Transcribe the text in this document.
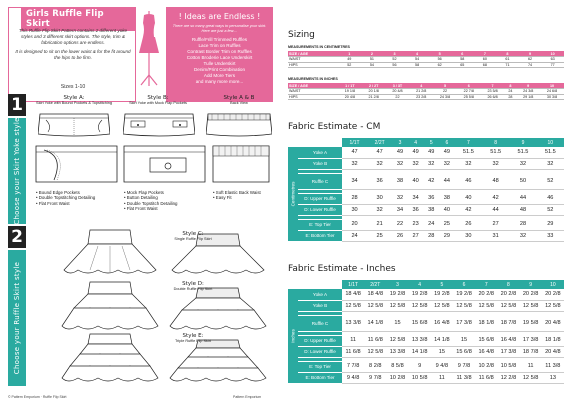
Girls Ruffle Flip Skirt

This Ruffle Flip Skirt Pattern contains 2 different yoke styles and 3 different skirt options. The style, trim & fabrication options are endless.

It is designed to sit on the lower waist & for the fit around the hips to be firm.

Sizes 1-10
! Ideas are Endless !
There are so many great ways to personalise your skirt. Here are just a few....
Ruffle/Frill Trimmed Ruffles
Lace Trim on Ruffles
Contrast Border Trim on Ruffles
Cotton Broderie Lace Underskirt
Tulle Underskirt
Denim/Print Combination
Add More Tiers
and many more more...
1
Choose your Skirt Yoke style
Style A:
Skirt Yoke with Bound Pockets & Topstitching
Style B:
Skirt Yoke with Mock Flap Pockets
Style A & B
Back View
• Bound Edge Pockets
• Double Topstitching Detailing
• Flat Front Waist
• Mock Flap Pockets
• Button Detailing
• Double Topstitch Detailing
• Flat Front Waist
• Soft Elastic Back Waist
• Easy Fit
2
Choose your Ruffle Skirt style
Style C:
Single Ruffle Flip Skirt
Style D:
Double Ruffle Flip Skirt
Style E:
Triple Ruffle Flip Skirt
© Pattern Emporium · Ruffle Flip Skirt	Pattern Emporium
Sizing
MEASUREMENTS IN CENTIMETRES
SIZE / AGE	1	2	3	4	5	6	7	8	9	10
WAIST	49	51	52	54	56	58	60	61	62	63
HIPS	52	54	56	58	62	65	68	71	74	77
MEASUREMENTS IN INCHES
SIZE / AGE	1 / 1T	2 / 2T	3 / 3T	4	5	6	7	8	9	10
WAIST	19 1/8	20 1/8	20 4/8	21 2/8	22	22 7/8	23 5/8	24	24 3/8	24 6/8
HIPS	20 4/8	21 2/8	22	23 2/8	24 3/8	25 5/8	26 6/8	28	29 1/8	30 3/8
Fabric Estimate - CM
		1/1T	2/2T	3	4	5	6	7	8	9	10

Centimetres	Yoke A	47	47	49	49	49	49	51.5	51.5	51.5	51.5
	Yoke B	32	32	32	32	32	32	32	32	32	32

	Ruffle C	34	36	38	40	42	44	46	48	50	52

	D: Upper Ruffle	28	30	32	34	36	38	40	42	44	46
	D: Lower Ruffle	30	32	34	36	38	40	42	44	48	52

	E: Top Tier	20	21	22	23	24	25	26	27	28	29
	E: Bottom Tier	24	25	26	27	28	29	30	31	32	33
Fabric Estimate - Inches
		1/1T	2/2T	3	4	5	6	7	8	9	10

Inches	Yoke A	18 4/8	18 4/8	19 2/8	19 2/8	19 2/8	19 2/8	20 2/8	20 2/8	20 2/8	20 2/8
	Yoke B	12 5/8	12 5/8	12 5/8	12 5/8	12 5/8	12 5/8	12 5/8	12 5/8	12 5/8	12 5/8

	Ruffle C	13 3/8	14 1/8	15	15 6/8	16 4/8	17 3/8	18 1/8	18 7/8	19 5/8	20 4/8

	D: Upper Ruffle	11	11 6/8	12 5/8	13 3/8	14 1/8	15	15 6/8	16 4/8	17 3/8	18 1/8
	D: Lower Ruffle	11 6/8	12 5/8	13 3/8	14 1/8	15	15 6/8	16 4/8	17 3/8	18 7/8	20 4/8

	E: Top Tier	7 7/8	8 2/8	8 5/8	9	9 4/8	9 7/8	10 2/8	10 5/8	11	11 3/8
	E: Bottom Tier	9 4/8	9 7/8	10 2/8	10 5/8	11	11 3/8	11 6/8	12 2/8	12 5/8	13
